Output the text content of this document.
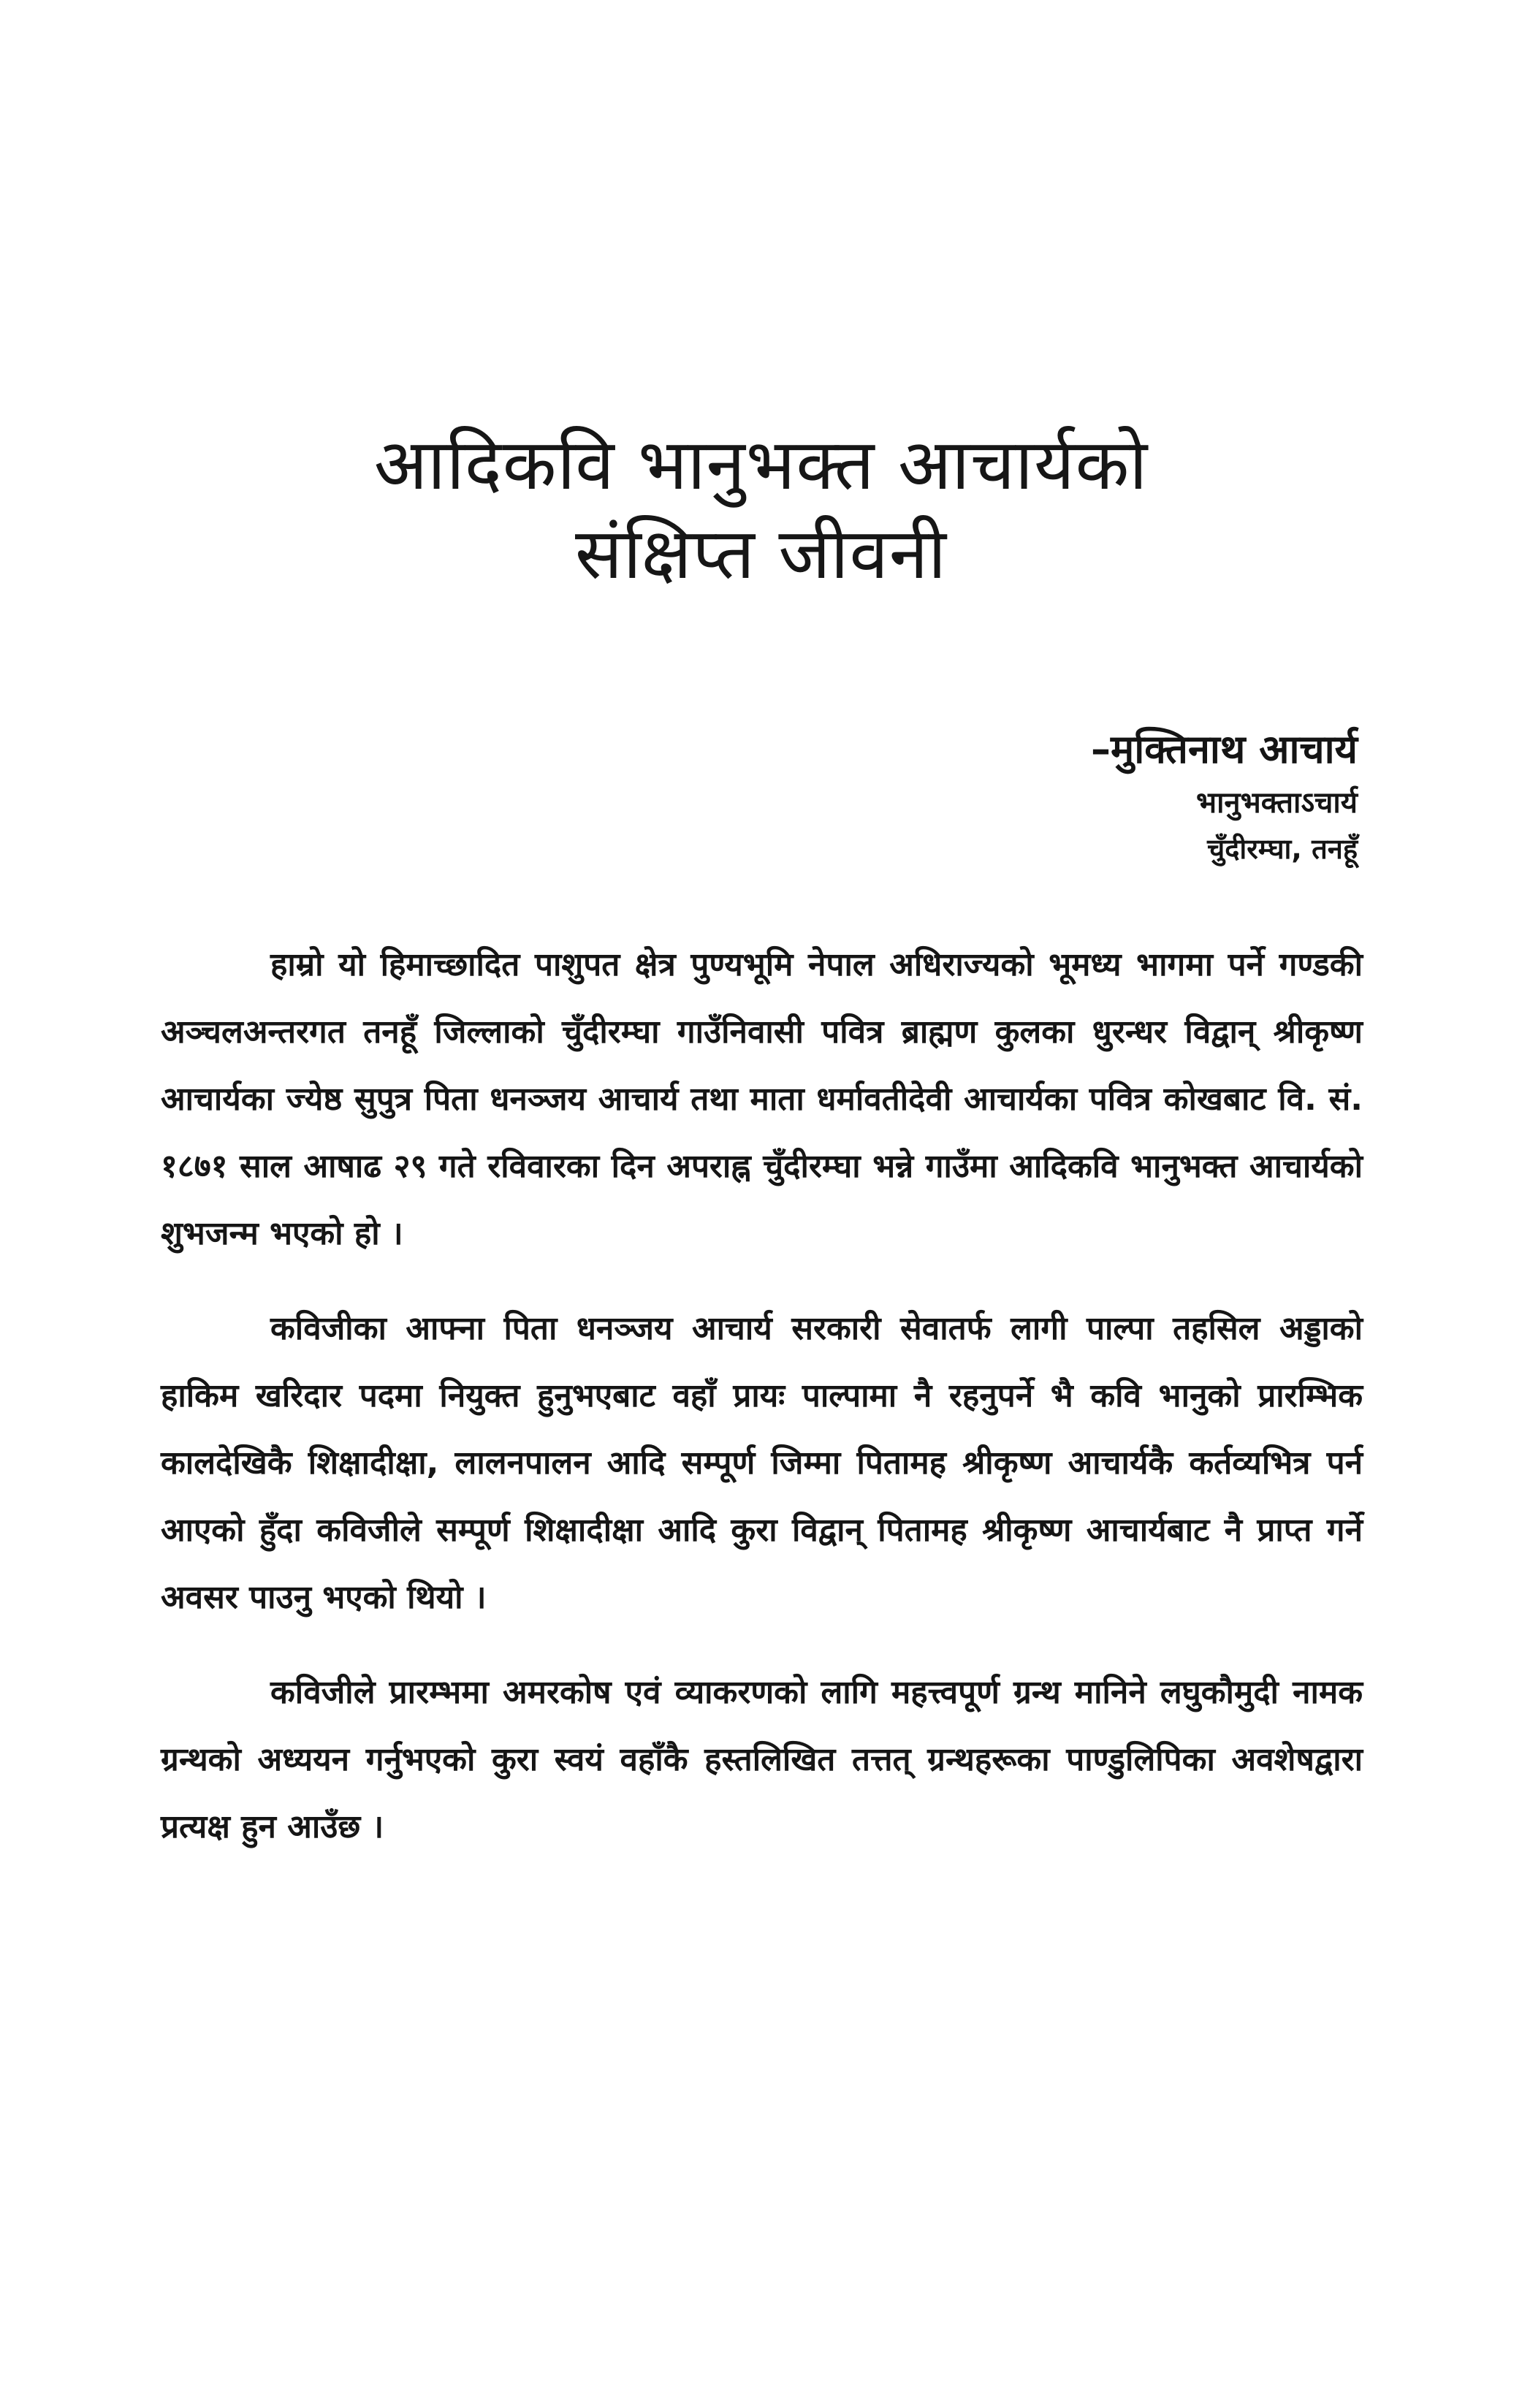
आदिकवि भानुभक्त आचार्यको
संक्षिप्त जीवनी
–मुक्तिनाथ आचार्य
भानुभक्ताऽचार्य
चुँदीरम्घा, तनहूँ

हाम्रो यो हिमाच्छादित पाशुपत क्षेत्र पुण्यभूमि नेपाल अधिराज्यको भूमध्य भागमा पर्ने गण्डकी अञ्चलअन्तरगत तनहूँ जिल्लाको चुँदीरम्घा गाउँनिवासी पवित्र ब्राह्मण कुलका धुरन्धर विद्वान् श्रीकृष्ण आचार्यका ज्येष्ठ सुपुत्र पिता धनञ्जय आचार्य तथा माता धर्मावतीदेवी आचार्यका पवित्र कोखबाट वि. सं. १८७१ साल आषाढ २९ गते रविवारका दिन अपराह्न चुँदीरम्घा भन्ने गाउँमा आदिकवि भानुभक्त आचार्यको शुभजन्म भएको हो ।

कविजीका आफ्ना पिता धनञ्जय आचार्य सरकारी सेवातर्फ लागी पाल्पा तहसिल अड्डाको हाकिम खरिदार पदमा नियुक्त हुनुभएबाट वहाँ प्रायः पाल्पामा नै रहनुपर्ने भै कवि भानुको प्रारम्भिक कालदेखिकै शिक्षादीक्षा, लालनपालन आदि सम्पूर्ण जिम्मा पितामह श्रीकृष्ण आचार्यकै कर्तव्यभित्र पर्न आएको हुँदा कविजीले सम्पूर्ण शिक्षादीक्षा आदि कुरा विद्वान् पितामह श्रीकृष्ण आचार्यबाट नै प्राप्त गर्ने अवसर पाउनु भएको थियो ।

कविजीले प्रारम्भमा अमरकोष एवं व्याकरणको लागि महत्त्वपूर्ण ग्रन्थ मानिने लघुकौमुदी नामक ग्रन्थको अध्ययन गर्नुभएको कुरा स्वयं वहाँकै हस्तलिखित तत्तत् ग्रन्थहरूका पाण्डुलिपिका अवशेषद्वारा प्रत्यक्ष हुन आउँछ ।
